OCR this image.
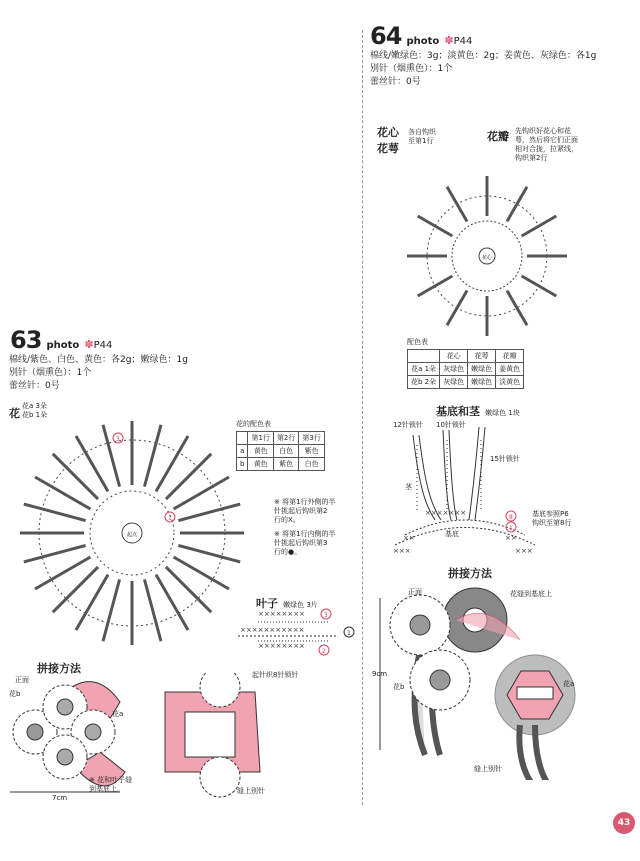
64 photo ✽P44
棉线/嫩绿色：3g；淡黄色：2g；姜黄色、灰绿色：各1g
别针（烟熏色）：1个
蕾丝针：0号
花心
花萼
各自钩织
至第1行	花瓣 先钩织好花心和花
萼，然后将它们正面
相对合拢，拉紧线，
钩织第2行
花心
配色表
	花心	花萼	花瓣
花a 1朵	灰绿色	嫩绿色	姜黄色
花b 2朵	灰绿色	嫩绿色	淡黄色
基底和茎 嫩绿色 1块
×××××××
××	××
×××	×××
8
1
12针锁针 10针锁针
15针锁针
茎
基底
基底参照P6
钩织至第8行
拼接方法
正面	花缝到基底上
9cm
花b	花a
缝上别针
63 photo ✽P44
棉线/紫色、白色、黄色：各2g；嫩绿色：1g
别针（烟熏色）：1个
蕾丝针：0号
花
花a 3朵
花b 1朵
3
1
起点
花的配色表
	第1行	第2行	第3行
a	黄色	白色	紫色
b	黄色	紫色	白色
※ 将第1行外侧的半
针挑起后钩织第2
行的X。
※ 将第1行内侧的半
针挑起后钩织第3
行的●。
叶子 嫩绿色 3片
××××××××
×××××××××××
××××××××
3
1
2
起针织8针锁针
拼接方法
正面
花b
花a
※ 花和叶子缝
到基底上。
7cm
缝上别针
43
